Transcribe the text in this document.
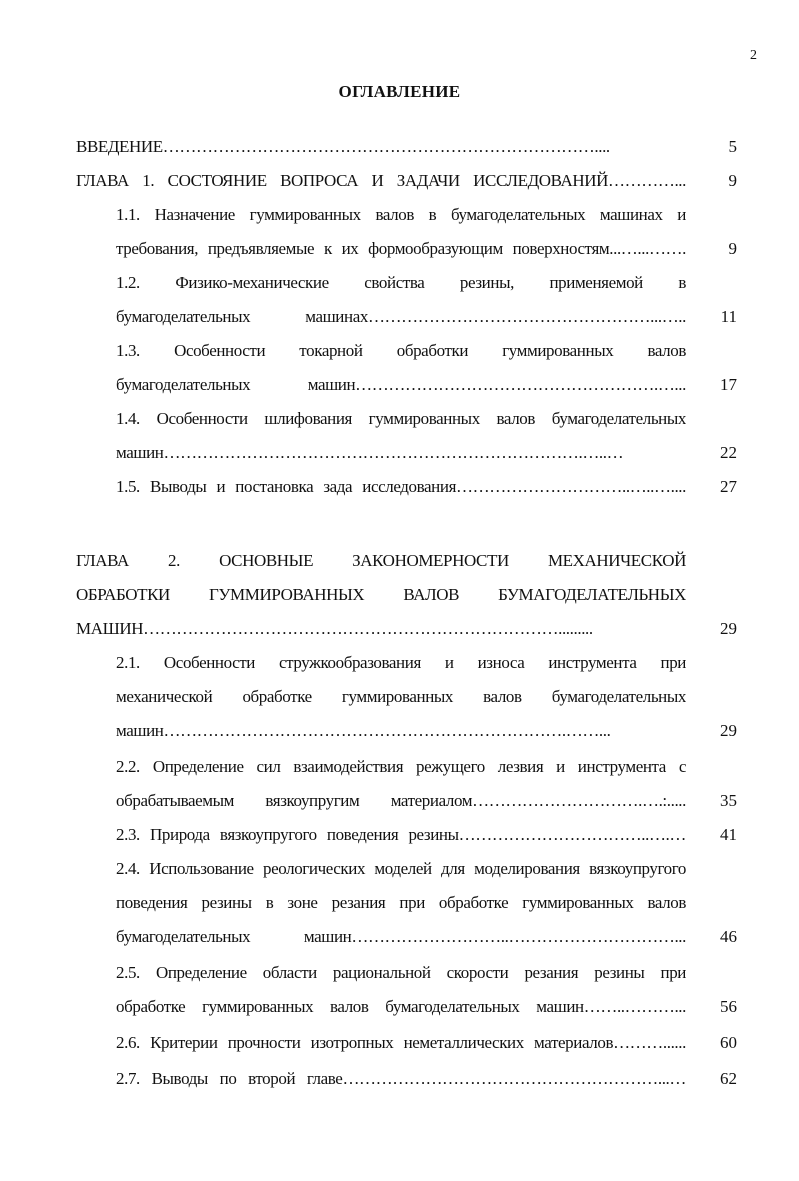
2
ОГЛАВЛЕНИЕ
ВВЕДЕНИЕ……………………………………………………………………....	5
ГЛАВА 1. СОСТОЯНИЕ ВОПРОСА И ЗАДАЧИ ИССЛЕДОВАНИЙ…………...	9
1.1. Назначение гуммированных валов в бумагоделательных машинах и
требования, предъявляемые к их формообразующим поверхностям...…...…….	9
1.2. Физико-механические свойства резины, применяемой в
бумагоделательных машинах……………………………………………...…..	11
1.3. Особенности токарной обработки гуммированных валов
бумагоделательных машин……………………………………………….…...	17
1.4. Особенности шлифования гуммированных валов бумагоделательных
машин………………………………………………………………….…..…	22
1.5. Выводы и постановка зада исследования…………………………..…..…....	27
ГЛАВА 2. ОСНОВНЫЕ ЗАКОНОМЕРНОСТИ МЕХАНИЧЕСКОЙ
ОБРАБОТКИ ГУММИРОВАННЫХ ВАЛОВ БУМАГОДЕЛАТЕЛЬНЫХ
МАШИН………………………………………………………………….........	29
2.1. Особенности стружкообразования и износа инструмента при
механической обработке гуммированных валов бумагоделательных
машин……………………………………………………………….……...	29
2.2. Определение сил взаимодействия режущего лезвия и инструмента с
обрабатываемым вязкоупругим материалом………………………….….:.....	35
2.3. Природа вязкоупругого поведения резины……………………………..….…	41
2.4. Использование реологических моделей для моделирования вязкоупругого
поведения резины в зоне резания при обработке гуммированных валов
бумагоделательных машин………………………..…………………………...	46
2.5. Определение области рациональной скорости резания резины при
обработке гуммированных валов бумагоделательных машин……..………...	56
2.6. Критерии прочности изотропных неметаллических материалов………......	60
2.7. Выводы по второй главе…………………………………………………...…	62
